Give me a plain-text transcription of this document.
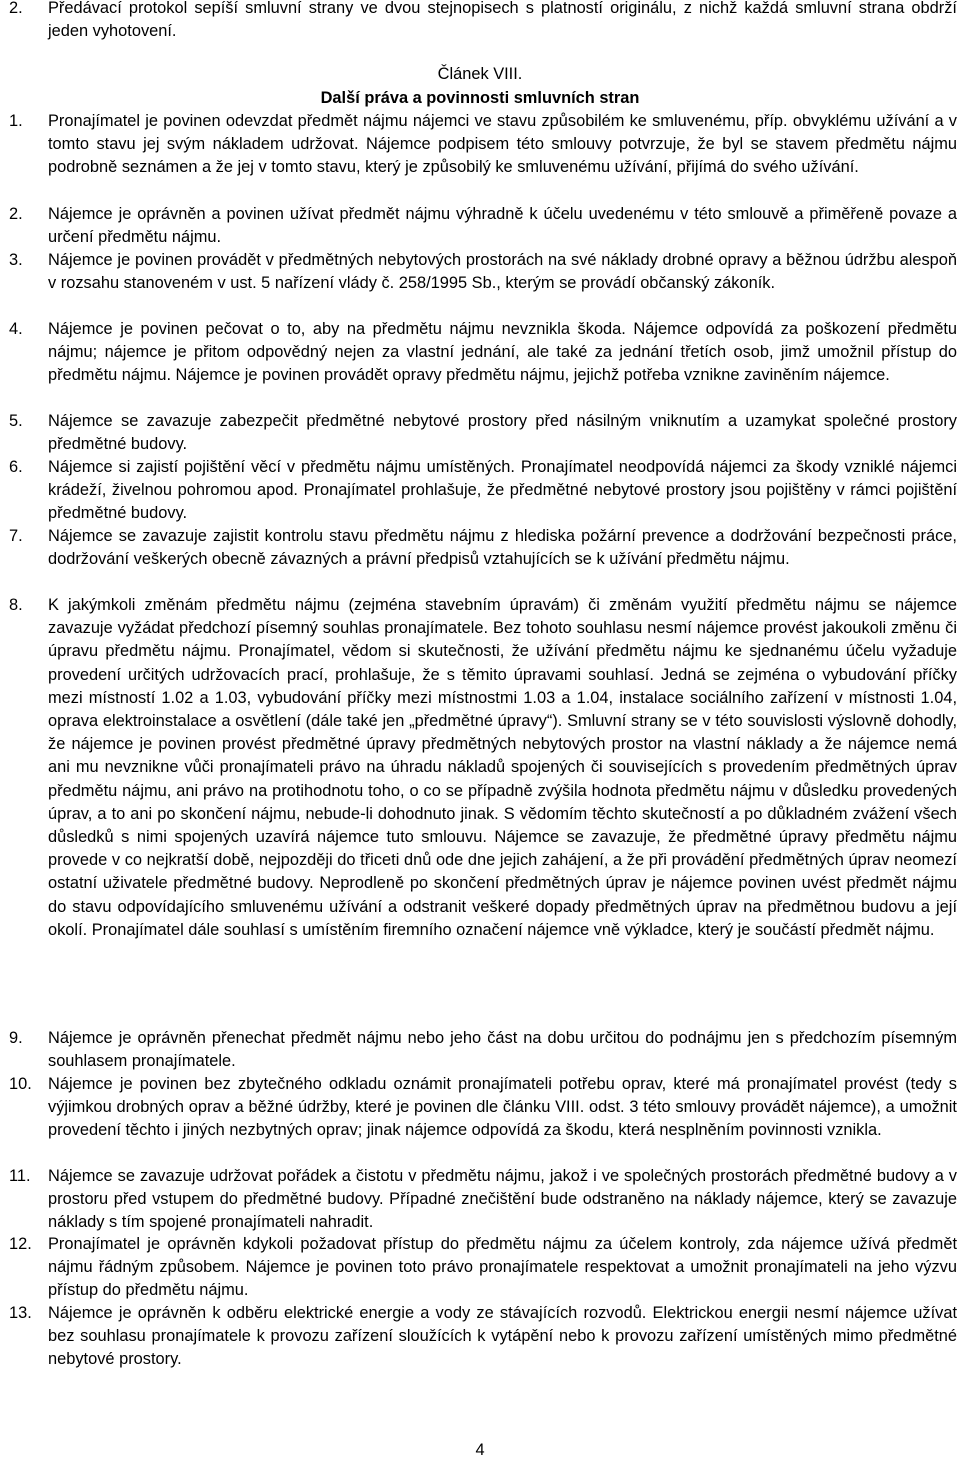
2. Předávací protokol sepíší smluvní strany ve dvou stejnopisech s platností originálu, z nichž každá smluvní strana obdrží jeden vyhotovení.
Článek VIII.
Další práva a povinnosti smluvních stran
1. Pronajímatel je povinen odevzdat předmět nájmu nájemci ve stavu způsobilém ke smluvenému, příp. obvyklému užívání a v tomto stavu jej svým nákladem udržovat. Nájemce podpisem této smlouvy potvrzuje, že byl se stavem předmětu nájmu podrobně seznámen a že jej v tomto stavu, který je způsobilý ke smluvenému užívání, přijímá do svého užívání.
2. Nájemce je oprávněn a povinen užívat předmět nájmu výhradně k účelu uvedenému v této smlouvě a přiměřeně povaze a určení předmětu nájmu.
3. Nájemce je povinen provádět v předmětných nebytových prostorách na své náklady drobné opravy a běžnou údržbu alespoň v rozsahu stanoveném v ust. 5 nařízení vlády č. 258/1995 Sb., kterým se provádí občanský zákoník.
4. Nájemce je povinen pečovat o to, aby na předmětu nájmu nevznikla škoda. Nájemce odpovídá za poškození předmětu nájmu; nájemce je přitom odpovědný nejen za vlastní jednání, ale také za jednání třetích osob, jimž umožnil přístup do předmětu nájmu. Nájemce je povinen provádět opravy předmětu nájmu, jejichž potřeba vznikne zaviněním nájemce.
5. Nájemce se zavazuje zabezpečit předmětné nebytové prostory před násilným vniknutím a uzamykat společné prostory předmětné budovy.
6. Nájemce si zajistí pojištění věcí v předmětu nájmu umístěných. Pronajímatel neodpovídá nájemci za škody vzniklé nájemci krádeží, živelnou pohromou apod. Pronajímatel prohlašuje, že předmětné nebytové prostory jsou pojištěny v rámci pojištění předmětné budovy.
7. Nájemce se zavazuje zajistit kontrolu stavu předmětu nájmu z hlediska požární prevence a dodržování bezpečnosti práce, dodržování veškerých obecně závazných a právní předpisů vztahujících se k užívání předmětu nájmu.
8. K jakýmkoli změnám předmětu nájmu (zejména stavebním úpravám) či změnám využití předmětu nájmu se nájemce zavazuje vyžádat předchozí písemný souhlas pronajímatele. Bez tohoto souhlasu nesmí nájemce provést jakoukoli změnu či úpravu předmětu nájmu. Pronajímatel, vědom si skutečnosti, že užívání předmětu nájmu ke sjednanému účelu vyžaduje provedení určitých udržovacích prací, prohlašuje, že s těmito úpravami souhlasí. Jedná se zejména o vybudování příčky mezi místností 1.02 a 1.03, vybudování příčky mezi místnostmi 1.03 a 1.04, instalace sociálního zařízení v místnosti 1.04, oprava elektroinstalace a osvětlení (dále také jen „předmětné úpravy“). Smluvní strany se v této souvislosti výslovně dohodly, že nájemce je povinen provést předmětné úpravy předmětných nebytových prostor na vlastní náklady a že nájemce nemá ani mu nevznikne vůči pronajímateli právo na úhradu nákladů spojených či souvisejících s provedením předmětných úprav předmětu nájmu, ani právo na protihodnotu toho, o co se případně zvýšila hodnota předmětu nájmu v důsledku provedených úprav, a to ani po skončení nájmu, nebude-li dohodnuto jinak. S vědomím těchto skutečností a po důkladném zvážení všech důsledků s nimi spojených uzavírá nájemce tuto smlouvu. Nájemce se zavazuje, že předmětné úpravy předmětu nájmu provede v co nejkratší době, nejpozději do třiceti dnů ode dne jejich zahájení, a že při provádění předmětných úprav neomezí ostatní uživatele předmětné budovy. Neprodleně po skončení předmětných úprav je nájemce povinen uvést předmět nájmu do stavu odpovídajícího smluvenému užívání a odstranit veškeré dopady předmětných úprav na předmětnou budovu a její okolí. Pronajímatel dále souhlasí s umístěním firemního označení nájemce vně výkladce, který je součástí předmět nájmu.
9. Nájemce je oprávněn přenechat předmět nájmu nebo jeho část na dobu určitou do podnájmu jen s předchozím písemným souhlasem pronajímatele.
10. Nájemce je povinen bez zbytečného odkladu oznámit pronajímateli potřebu oprav, které má pronajímatel provést (tedy s výjimkou drobných oprav a běžné údržby, které je povinen dle článku VIII. odst. 3 této smlouvy provádět nájemce), a umožnit provedení těchto i jiných nezbytných oprav; jinak nájemce odpovídá za škodu, která nesplněním povinnosti vznikla.
11. Nájemce se zavazuje udržovat pořádek a čistotu v předmětu nájmu, jakož i ve společných prostorách předmětné budovy a v prostoru před vstupem do předmětné budovy. Případné znečištění bude odstraněno na náklady nájemce, který se zavazuje náklady s tím spojené pronajímateli nahradit.
12. Pronajímatel je oprávněn kdykoli požadovat přístup do předmětu nájmu za účelem kontroly, zda nájemce užívá předmět nájmu řádným způsobem. Nájemce je povinen toto právo pronajímatele respektovat a umožnit pronajímateli na jeho výzvu přístup do předmětu nájmu.
13. Nájemce je oprávněn k odběru elektrické energie a vody ze stávajících rozvodů. Elektrickou energii nesmí nájemce užívat bez souhlasu pronajímatele k provozu zařízení sloužících k vytápění nebo k provozu zařízení umístěných mimo předmětné nebytové prostory.
4
